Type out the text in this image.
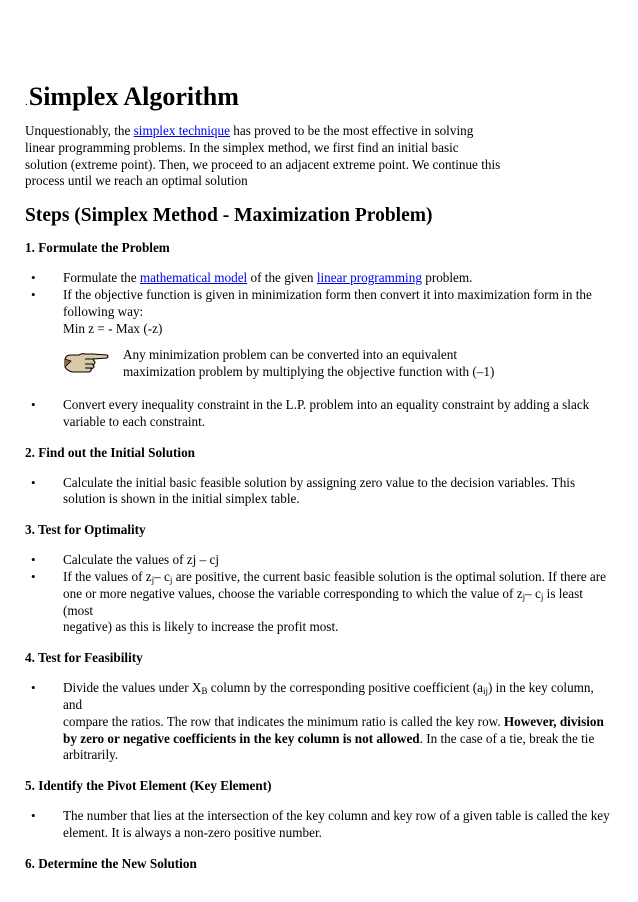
. Simplex Algorithm

Unquestionably, the simplex technique has proved to be the most effective in solving
linear programming problems. In the simplex method, we first find an initial basic
solution (extreme point). Then, we proceed to an adjacent extreme point. We continue this
process until we reach an optimal solution

Steps (Simplex Method - Maximization Problem)
1. Formulate the Problem
• Formulate the mathematical model of the given linear programming problem.
• If the objective function is given in minimization form then convert it into maximization form in the
following way:
Min z = - Max (-z)
Any minimization problem can be converted into an equivalent
maximization problem by multiplying the objective function with (–1)
• Convert every inequality constraint in the L.P. problem into an equality constraint by adding a slack
variable to each constraint.
2. Find out the Initial Solution
• Calculate the initial basic feasible solution by assigning zero value to the decision variables. This
solution is shown in the initial simplex table.
3. Test for Optimality
• Calculate the values of zj – cj
• If the values of $z_j-$ $c_j$ are positive, the current basic feasible solution is the optimal solution. If there are
one or more negative values, choose the variable corresponding to which the value of $z_j-$ $c_j$ is least (most
negative) as this is likely to increase the profit most.
4. Test for Feasibility
• Divide the values under $X_B$ column by the corresponding positive coefficient $(a_{ij})$ in the key column, and
compare the ratios. The row that indicates the minimum ratio is called the key row. However, division
by zero or negative coefficients in the key column is not allowed. In the case of a tie, break the tie
arbitrarily.
5. Identify the Pivot Element (Key Element)
• The number that lies at the intersection of the key column and key row of a given table is called the key
element. It is always a non-zero positive number.
6. Determine the New Solution
